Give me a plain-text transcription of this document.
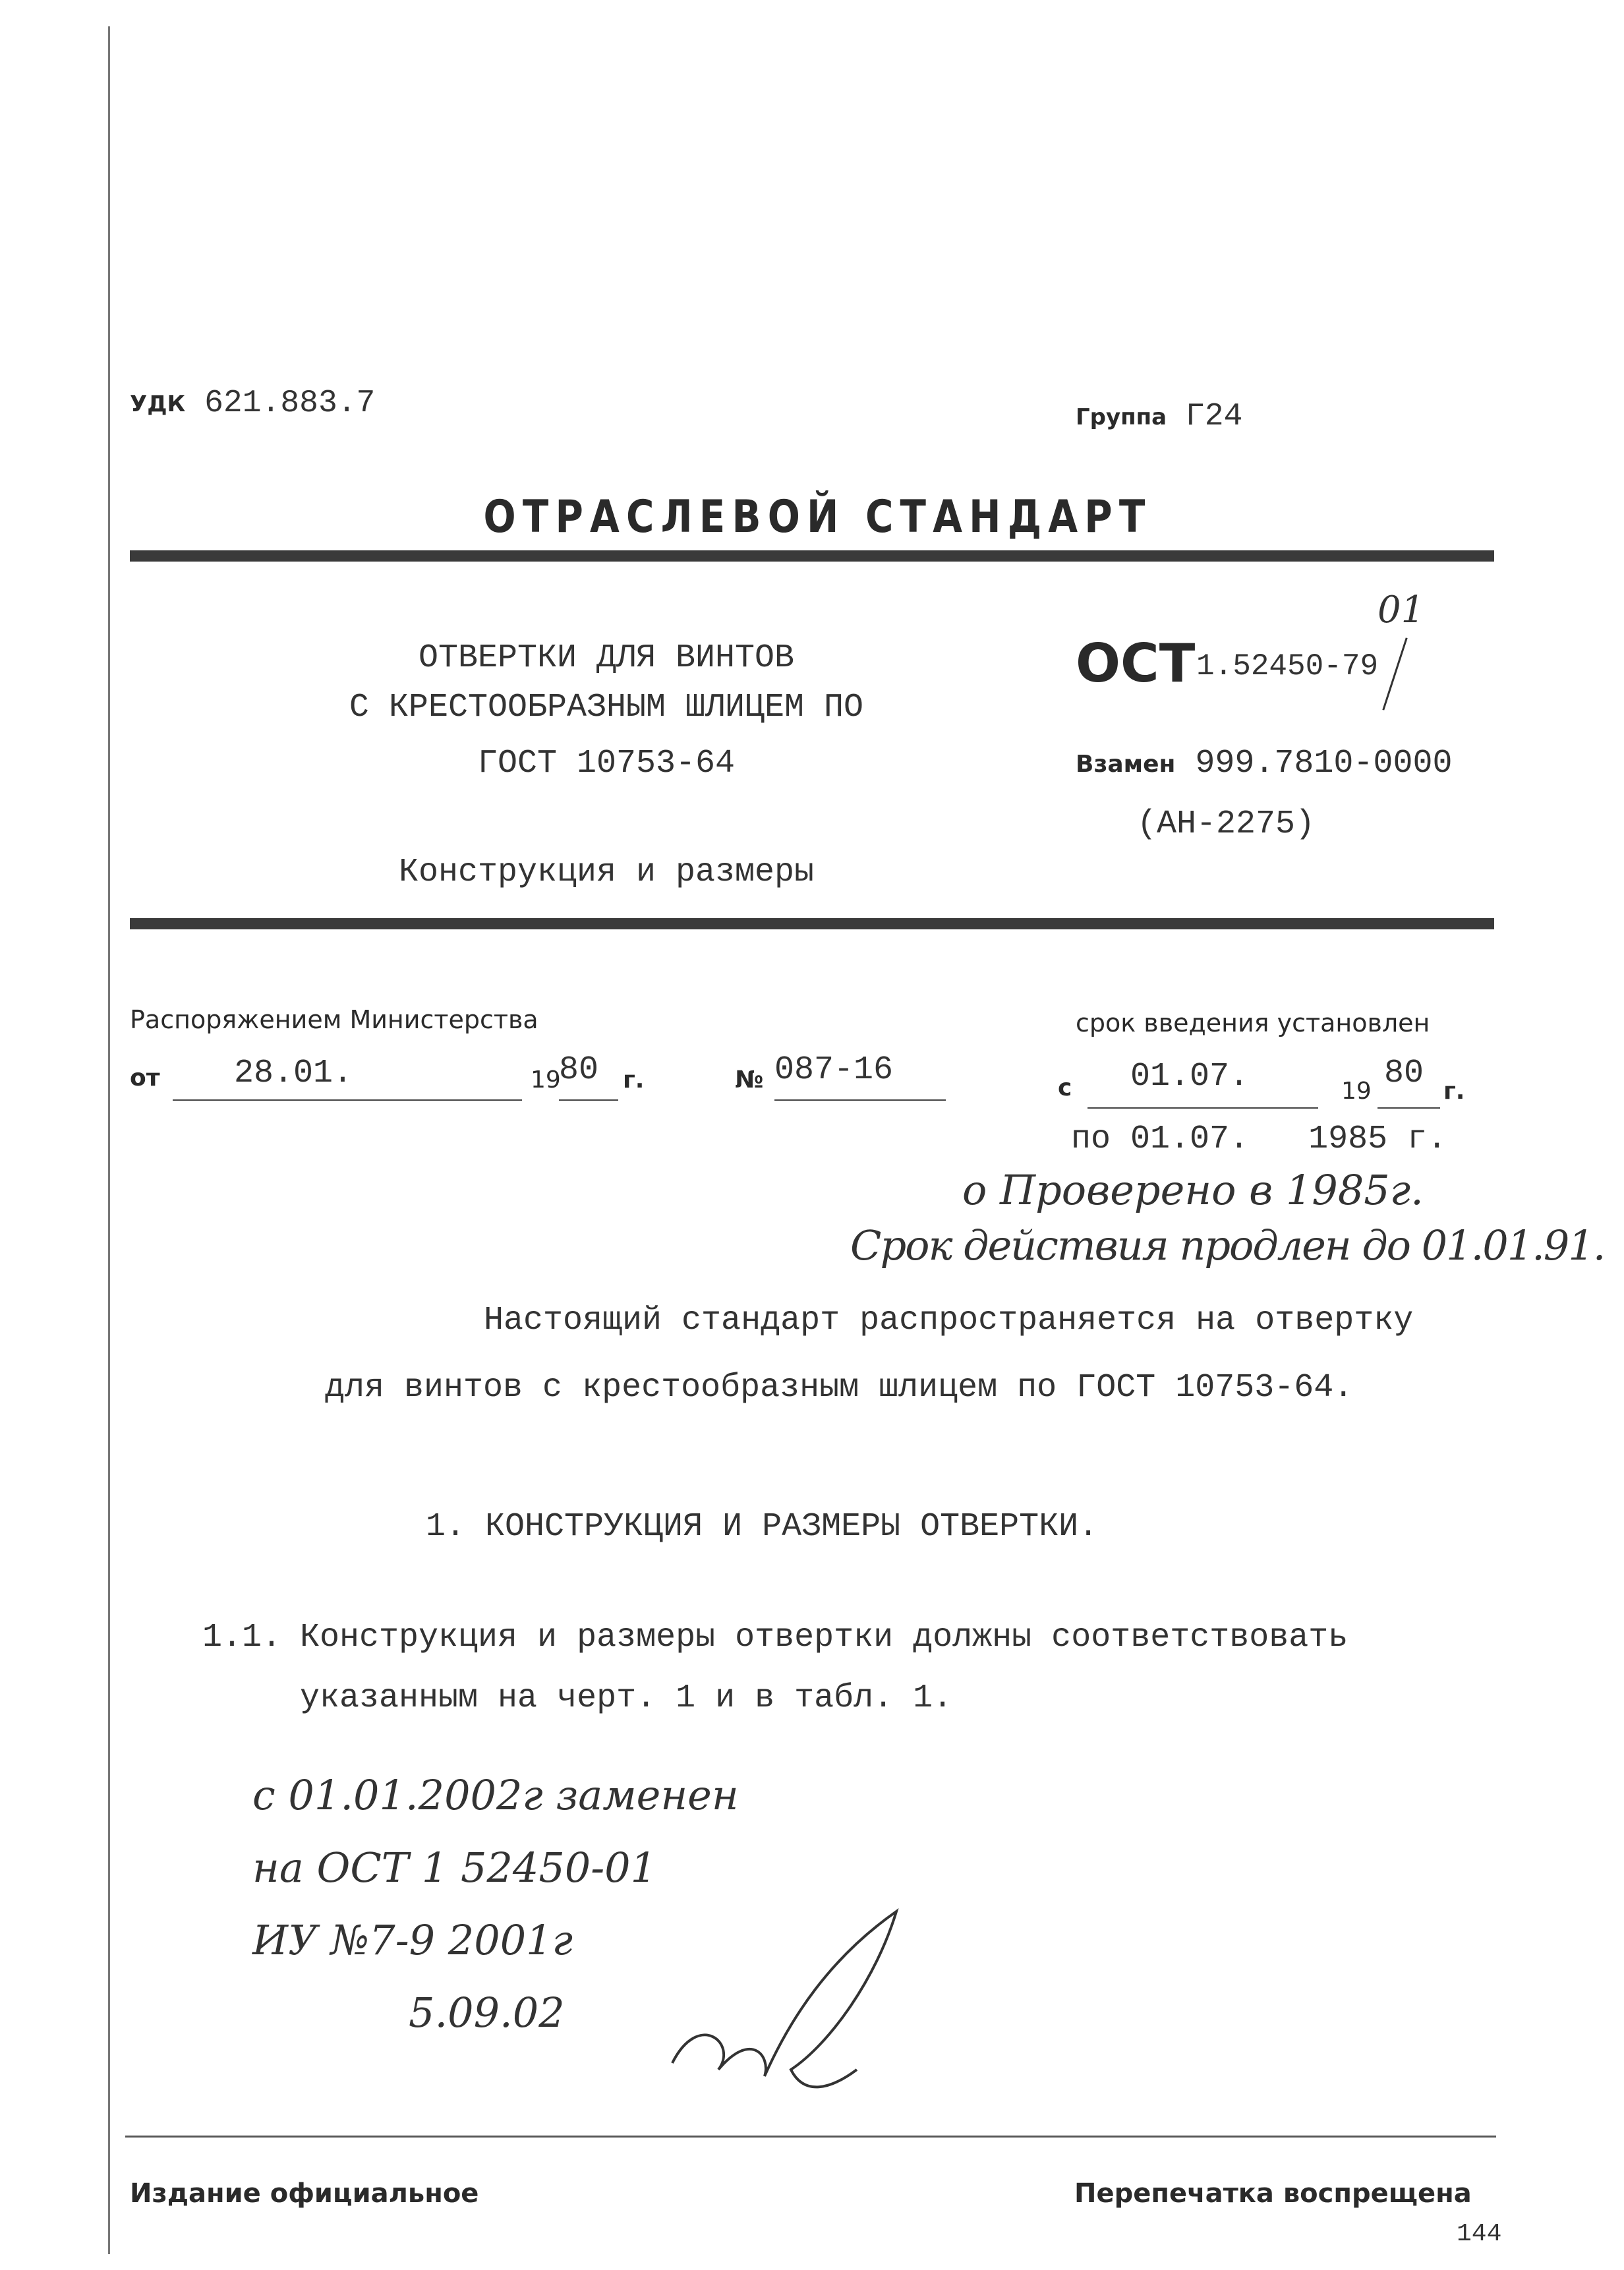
УДК 621.883.7	Группа Г24
ОТРАСЛЕВОЙ СТАНДАРТ
ОТВЕРТКИ ДЛЯ ВИНТОВ
С КРЕСТООБРАЗНЫМ ШЛИЦЕМ ПО
ГОСТ 10753-64
Конструкция и размеры
ОСТ 1.52450-79
01
Взамен 999.7810-0000
(АН-2275)
Распоряжением Министерства
от 28.01.	19
80 г.	№ 087-16
срок введения установлен
с 01.07.	19 80 г.
по 01.07. 1985 г.
о Проверено в 1985г.
Срок действия продлен до 01.01.91.
Настоящий стандарт распространяется на отвертку
для винтов с крестообразным шлицем по ГОСТ 10753-64.
1. КОНСТРУКЦИЯ И РАЗМЕРЫ ОТВЕРТКИ.
1.1. Конструкция и размеры отвертки должны соответствовать
указанным на черт. 1 и в табл. 1.
с 01.01.2002г заменен
на ОСТ 1 52450-01
ИУ №7-9 2001г
5.09.02
Издание официальное	Перепечатка воспрещена
144
